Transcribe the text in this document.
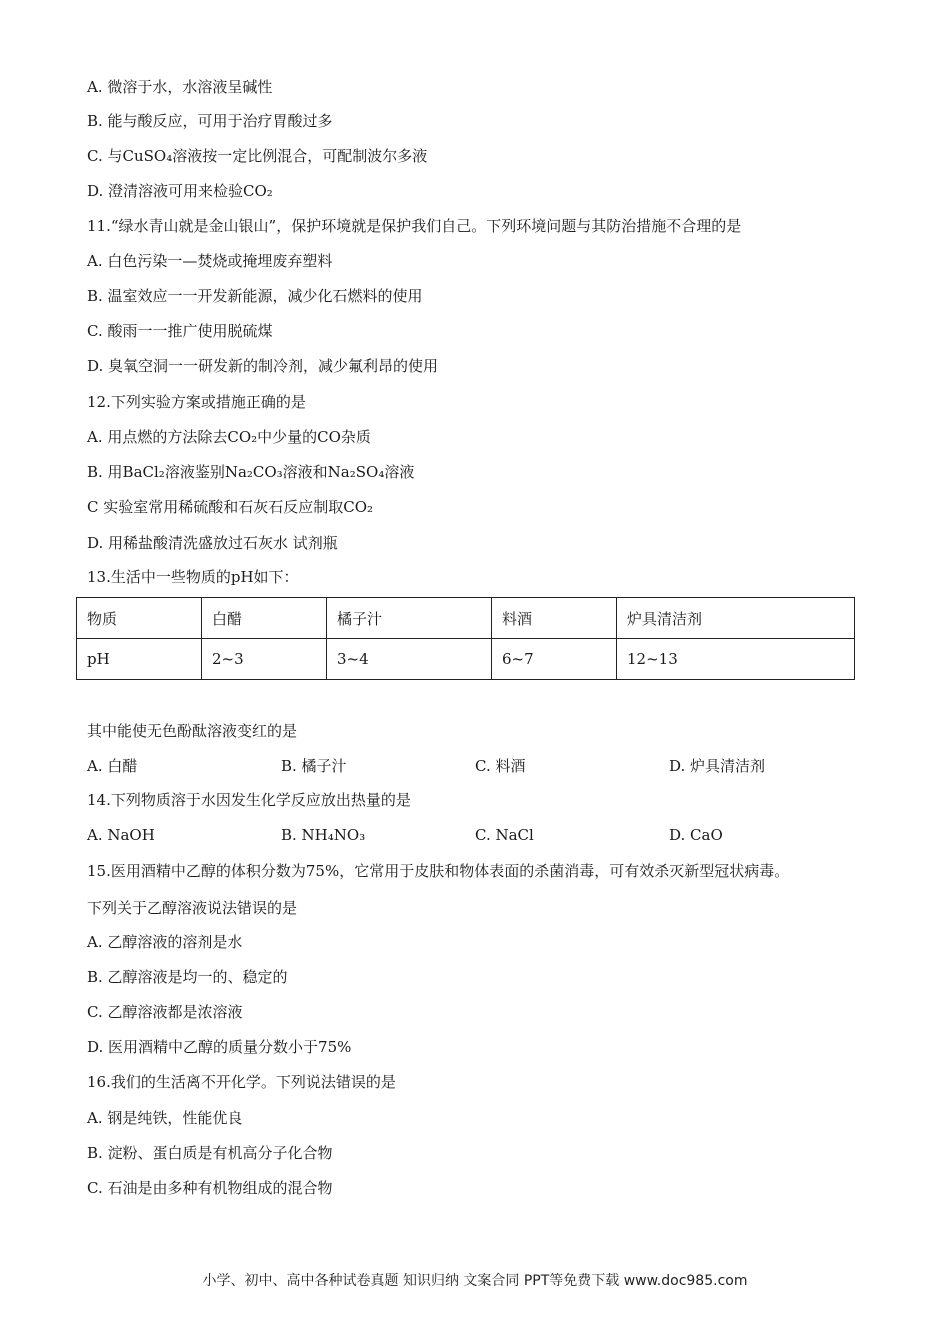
A. 微溶于水，水溶液呈碱性
B. 能与酸反应，可用于治疗胃酸过多
C. 与CuSO₄溶液按一定比例混合，可配制波尔多液
D. 澄清溶液可用来检验CO₂
11.“绿水青山就是金山银山”，保护环境就是保护我们自己。下列环境问题与其防治措施不合理的是
A. 白色污染一—焚烧或掩埋废弃塑料
B. 温室效应一一开发新能源，减少化石燃料的使用
C. 酸雨一一推广使用脱硫煤
D. 臭氧空洞一一研发新的制冷剂，减少氟利昂的使用
12.下列实验方案或措施正确的是
A. 用点燃的方法除去CO₂中少量的CO杂质
B. 用BaCl₂溶液鉴别Na₂CO₃溶液和Na₂SO₄溶液
C 实验室常用稀硫酸和石灰石反应制取CO₂
D. 用稀盐酸清洗盛放过石灰水 试剂瓶
13.生活中一些物质的pH如下：
物质	白醋	橘子汁	料酒	炉具清洁剂
pH	2~3	3~4	6~7	12~13
其中能使无色酚酞溶液变红的是
A. 白醋	B. 橘子汁	C. 料酒	D. 炉具清洁剂
14.下列物质溶于水因发生化学反应放出热量的是
A. NaOH	B. NH₄NO₃	C. NaCl	D. CaO
15.医用酒精中乙醇的体积分数为75%，它常用于皮肤和物体表面的杀菌消毒，可有效杀灭新型冠状病毒。
下列关于乙醇溶液说法错误的是
A. 乙醇溶液的溶剂是水
B. 乙醇溶液是均一的、稳定的
C. 乙醇溶液都是浓溶液
D. 医用酒精中乙醇的质量分数小于75%
16.我们的生活离不开化学。下列说法错误的是
A. 钢是纯铁，性能优良
B. 淀粉、蛋白质是有机高分子化合物
C. 石油是由多种有机物组成的混合物
小学、初中、高中各种试卷真题 知识归纳 文案合同 PPT等免费下载 www.doc985.com
